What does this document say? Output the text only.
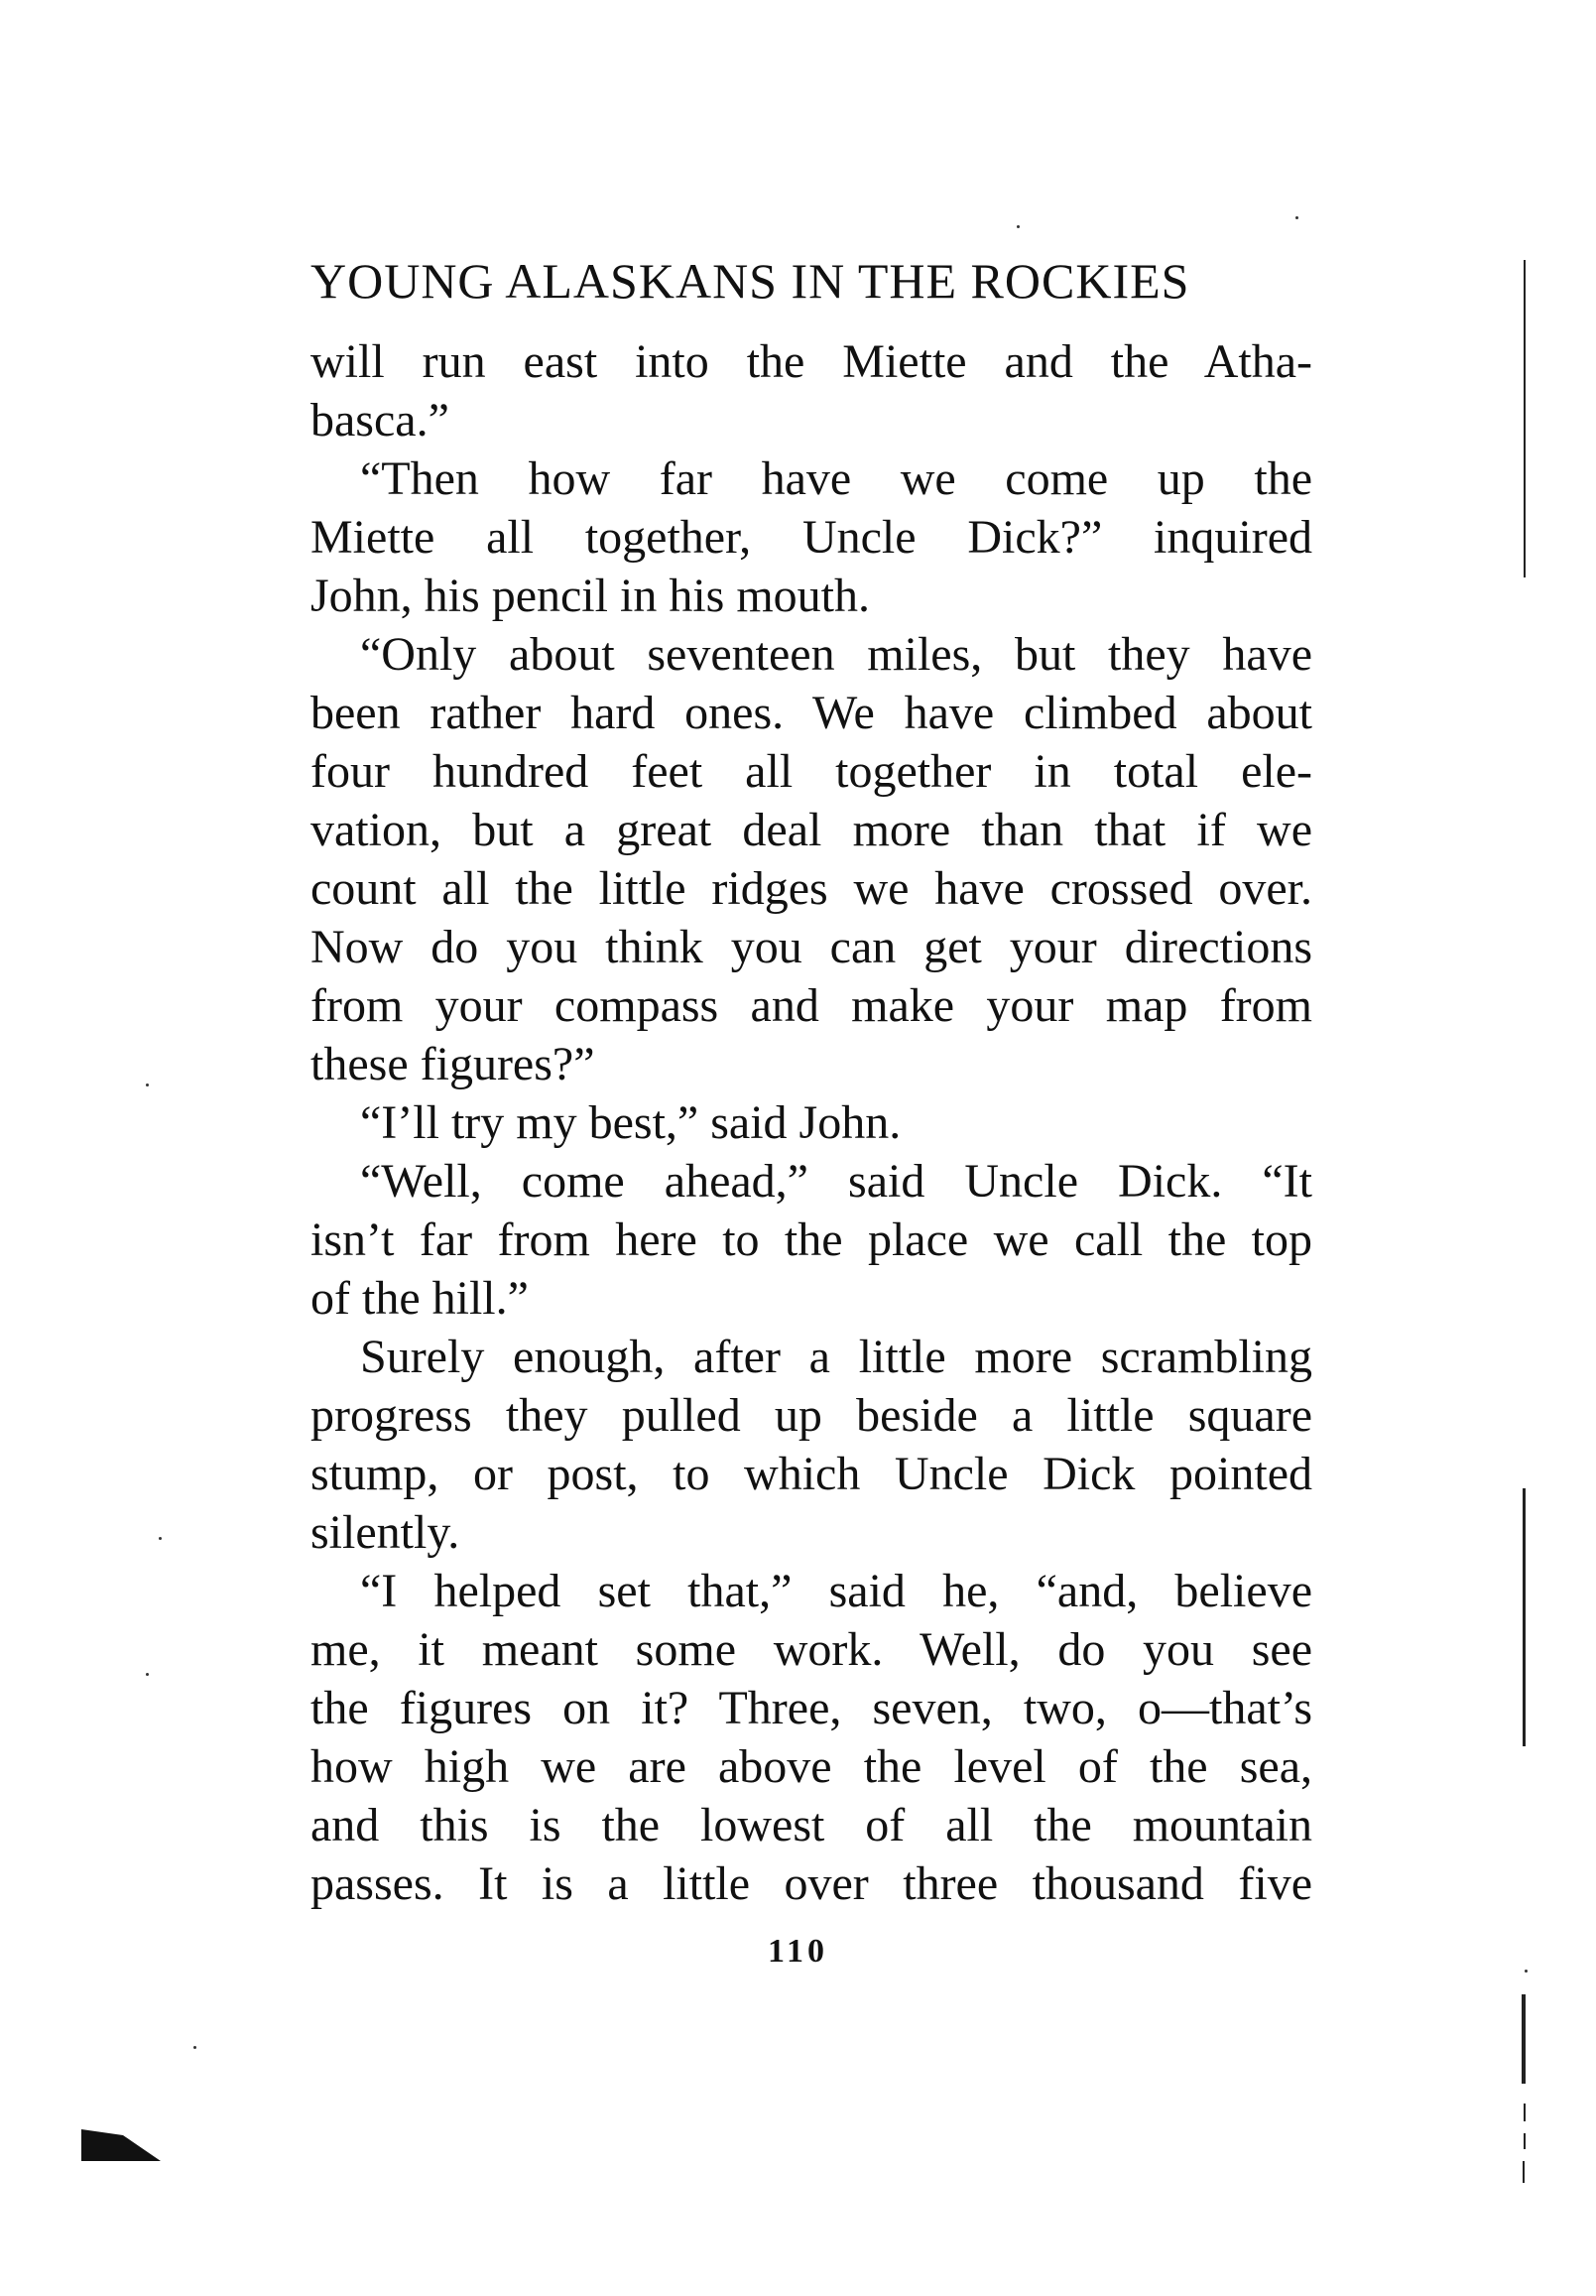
YOUNG ALASKANS IN THE ROCKIES
will run east into the Miette and the Atha-
basca.”
“Then how far have we come up the
Miette all together, Uncle Dick?” inquired
John, his pencil in his mouth.
“Only about seventeen miles, but they have
been rather hard ones. We have climbed about
four hundred feet all together in total ele-
vation, but a great deal more than that if we
count all the little ridges we have crossed over.
Now do you think you can get your directions
from your compass and make your map from
these figures?”
“I’ll try my best,” said John.
“Well, come ahead,” said Uncle Dick. “It
isn’t far from here to the place we call the top
of the hill.”
Surely enough, after a little more scrambling
progress they pulled up beside a little square
stump, or post, to which Uncle Dick pointed
silently.
“I helped set that,” said he, “and, believe
me, it meant some work. Well, do you see
the figures on it? Three, seven, two, o—that’s
how high we are above the level of the sea,
and this is the lowest of all the mountain
passes. It is a little over three thousand five
110
